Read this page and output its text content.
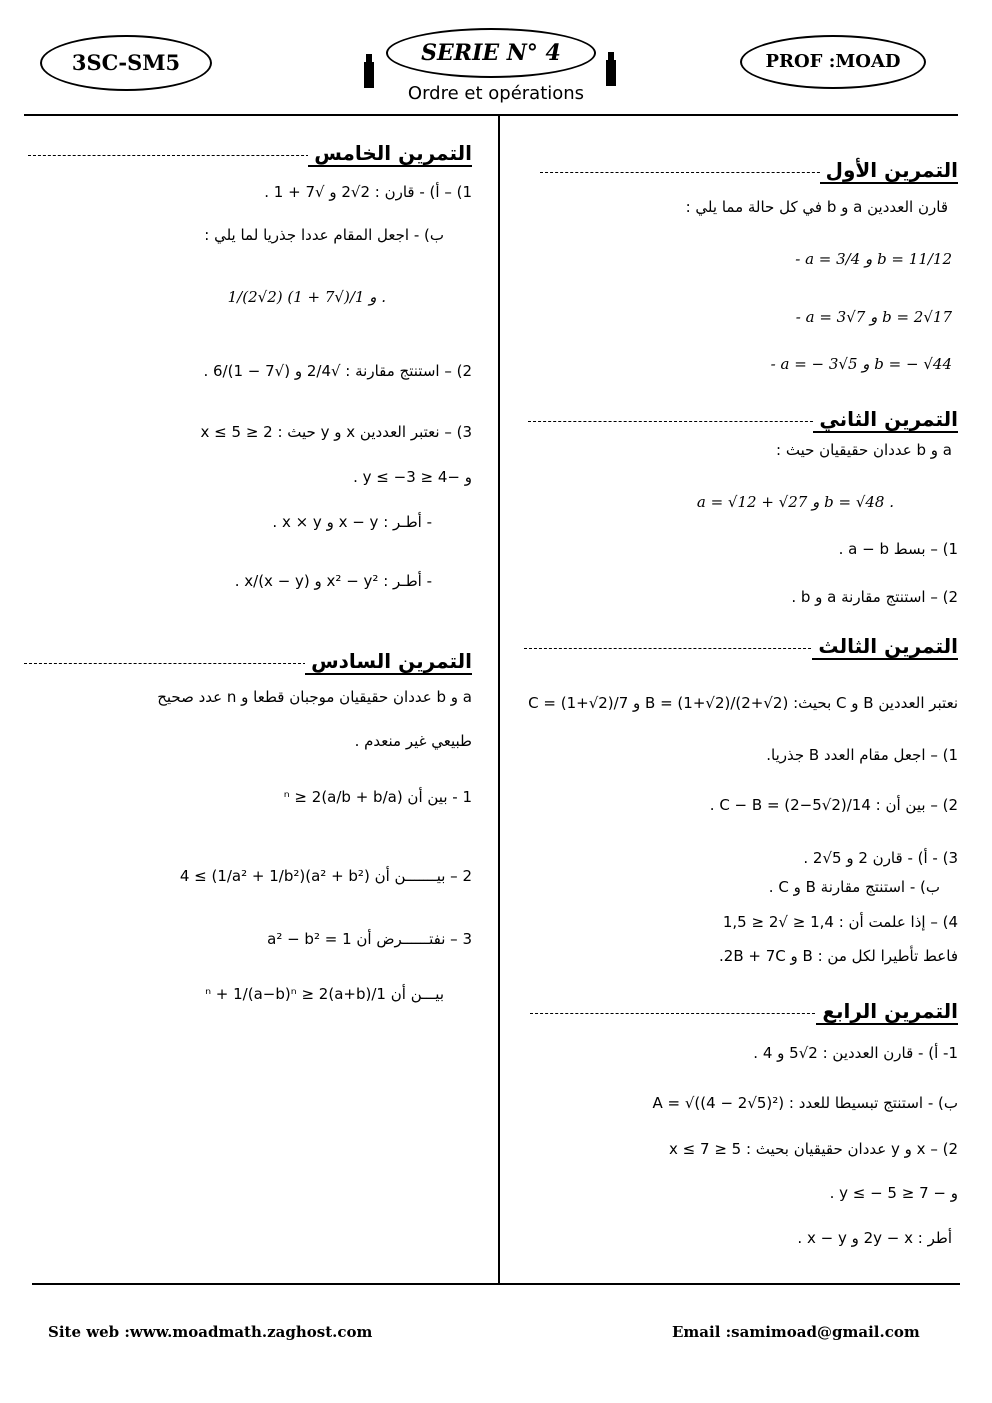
3SC-SM5	SERIE N° 4	PROF :MOAD
Ordre et opérations
التمرين الأول
قارن العددين a و b في كل حالة مما يلي :
- a = 3/4 و b = 11/12
- a = 3√7 و b = 2√17
- a = − 3√5 و b = − √44
التمرين الثاني
a و b عددان حقيقيان حيث :
a = √12 + √27 و b = √48 .
1) – بسط a − b .
2) – استنتج مقارنة a و b .
التمرين الثالث
نعتبر العددين B و C بحيث: B = (1+√2)/(2+√2) و C = (1+√2)/7
1) – اجعل مقام العدد B جذريا.
2) – بين أن : C − B = (2−5√2)/14 .
3) - أ) - قارن 2 و 5√2 .
ب) - استنتج مقارنة B و C .
4) – إذا علمت أن : 1,4 ≤ √2 ≤ 1,5
فاعط تأطيرا لكل من : B و 2B + 7C.
التمرين الرابع
1- أ) - قارن العددين : 2√5 و 4 .
ب) - استنتج تبسيطا للعدد : A = √((4 − 2√5)²)
2) – x و y عددان حقيقيان بحيث : 5 ≤ x ≤ 7
و − 7 ≤ y ≤ − 5 .
أطر : 2y − x و x − y .
التمرين الخامس
1) – أ) - قارن : 2√2 و √7 + 1 .
ب) - اجعل المقام عددا جذريا لما يلي :
1/(2√2) و 1/(√7 + 1) .
2) – استنتج مقارنة : √2/4 و (√7 − 1)/6 .
3) – نعتبر العددين x و y حيث : 2 ≤ x ≤ 5
و −4 ≤ y ≤ −3 .
- أطـر : x − y و x × y .
- أطـر : x² − y² و (x − y)/x .
التمرين السادس
a و b عددان حقيقيان موجبان قطعا و n عدد صحيح
طبيعي غير منعدم .
1 - بين أن (a/b + b/a)ⁿ ≥ 2
2 – بيـــــــن أن (a² + b²)(1/a² + 1/b²) ≥ 4
3 – نفتــــــرض أن a² − b² = 1
بيـــن أن 1/(a+b)ⁿ + 1/(a−b)ⁿ ≥ 2
Site web :www.moadmath.zaghost.com	Email :samimoad@gmail.com
